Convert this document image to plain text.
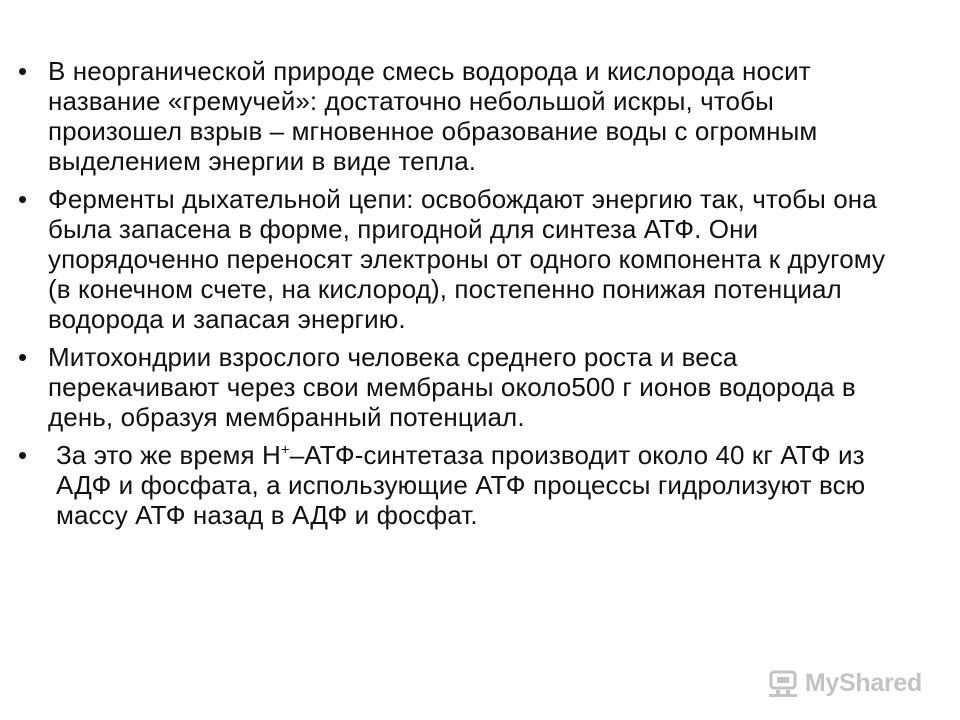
• В неорганической природе смесь водорода и кислорода носит название «гремучей»: достаточно небольшой искры, чтобы произошел взрыв – мгновенное образование воды с огромным выделением энергии в виде тепла.
• Ферменты дыхательной цепи: освобождают энергию так, чтобы она была запасена в форме, пригодной для синтеза АТФ. Они упорядоченно переносят электроны от одного компонента к другому (в конечном счете, на кислород), постепенно понижая потенциал водорода и запасая энергию.
• Митохондрии взрослого человека среднего роста и веса перекачивают через свои мембраны около500 г ионов водорода в день, образуя мембранный потенциал.
•	За это же время Н+–АТФ-синтетаза производит около 40 кг АТФ из АДФ и фосфата, а использующие АТФ процессы гидролизуют всю массу АТФ назад в АДФ и фосфат.
MyShared
